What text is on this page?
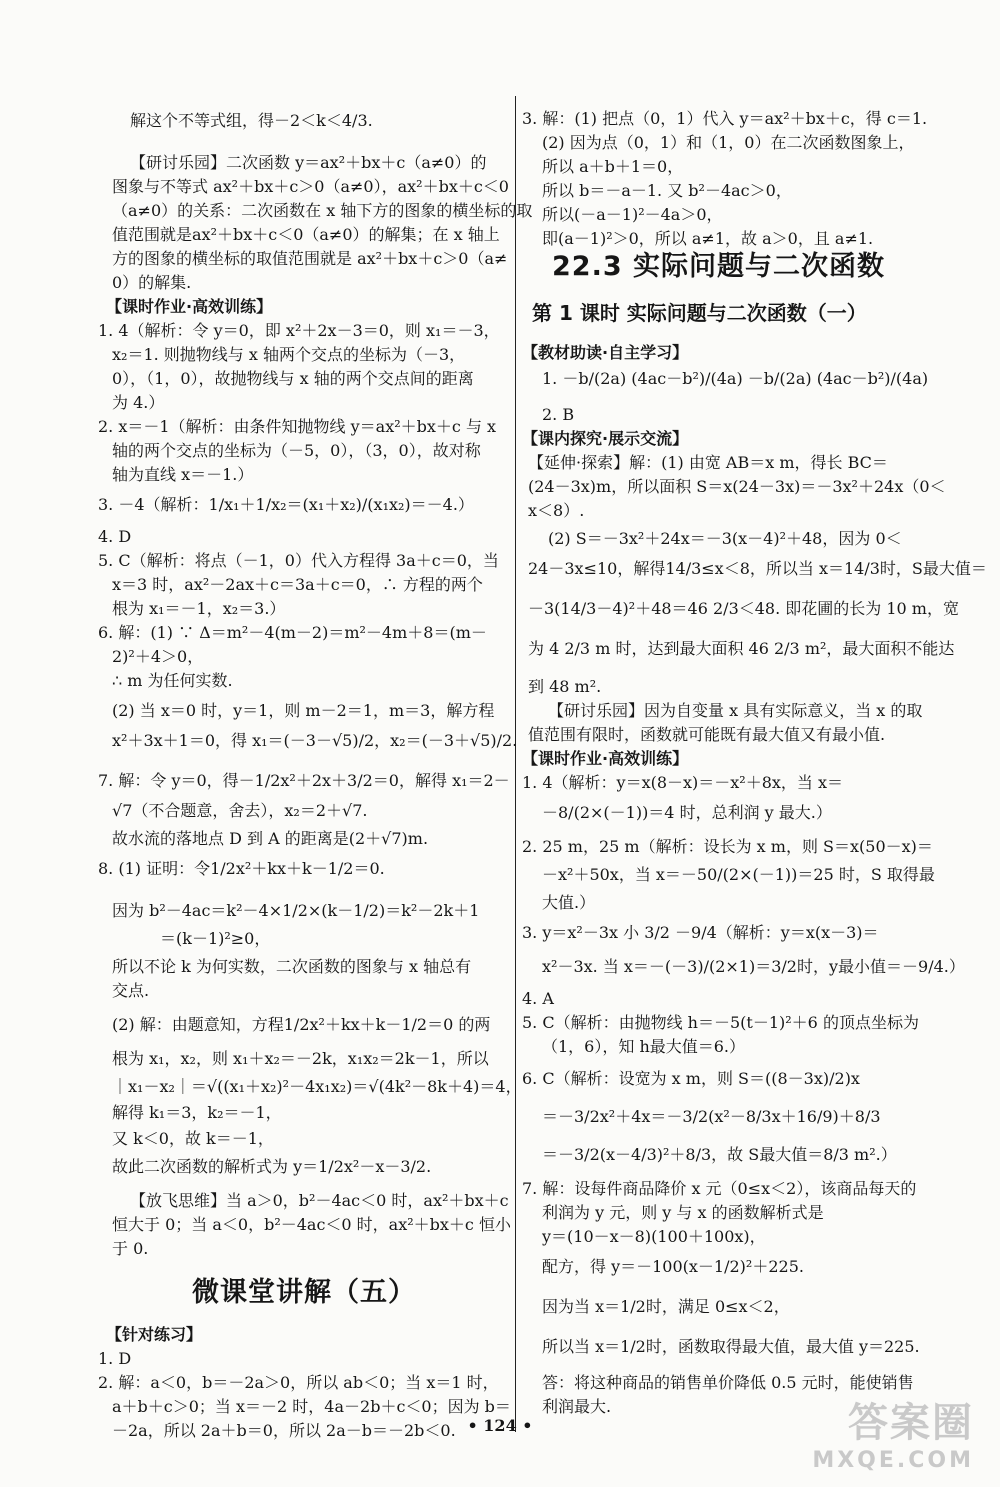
解这个不等式组，得－2＜k＜4/3.
【研讨乐园】二次函数 y＝ax²＋bx＋c（a≠0）的
图象与不等式 ax²＋bx＋c＞0（a≠0），ax²＋bx＋c＜0
（a≠0）的关系：二次函数在 x 轴下方的图象的横坐标的取
值范围就是ax²＋bx＋c＜0（a≠0）的解集；在 x 轴上
方的图象的横坐标的取值范围就是 ax²＋bx＋c＞0（a≠
0）的解集.
【课时作业·高效训练】
1. 4（解析：令 y＝0，即 x²＋2x－3＝0，则 x₁＝－3，
x₂＝1. 则抛物线与 x 轴两个交点的坐标为（－3，
0），（1，0），故抛物线与 x 轴的两个交点间的距离
为 4.）
2. x＝－1（解析：由条件知抛物线 y＝ax²＋bx＋c 与 x
轴的两个交点的坐标为（－5，0），（3，0），故对称
轴为直线 x＝－1.）
3. －4（解析：1/x₁＋1/x₂＝(x₁＋x₂)/(x₁x₂)＝－4.）
4. D
5. C（解析：将点（－1，0）代入方程得 3a＋c＝0，当
x＝3 时，ax²－2ax＋c＝3a＋c＝0，∴ 方程的两个
根为 x₁＝－1，x₂＝3.）
6. 解：(1) ∵ Δ＝m²－4(m－2)＝m²－4m＋8＝(m－
2)²＋4＞0，
∴ m 为任何实数.
(2) 当 x＝0 时，y＝1，则 m－2＝1，m＝3，解方程
x²＋3x＋1＝0，得 x₁＝(－3－√5)/2，x₂＝(－3＋√5)/2.
7. 解：令 y＝0，得－1/2x²＋2x＋3/2＝0，解得 x₁＝2－
√7（不合题意，舍去），x₂＝2＋√7.
故水流的落地点 D 到 A 的距离是(2＋√7)m.
8. (1) 证明：令1/2x²＋kx＋k－1/2＝0.
因为 b²－4ac＝k²－4×1/2×(k－1/2)＝k²－2k＋1
＝(k－1)²≥0，
所以不论 k 为何实数，二次函数的图象与 x 轴总有
交点.
(2) 解：由题意知，方程1/2x²＋kx＋k－1/2＝0 的两
根为 x₁，x₂，则 x₁＋x₂＝－2k，x₁x₂＝2k－1，所以
｜x₁－x₂｜＝√((x₁＋x₂)²－4x₁x₂)＝√(4k²－8k＋4)＝4，
解得 k₁＝3，k₂＝－1，
又 k＜0，故 k＝－1，
故此二次函数的解析式为 y＝1/2x²－x－3/2.
【放飞思维】当 a＞0，b²－4ac＜0 时，ax²＋bx＋c
恒大于 0；当 a＜0，b²－4ac＜0 时，ax²＋bx＋c 恒小
于 0.
微课堂讲解（五）
【针对练习】
1. D
2. 解：a＜0，b＝－2a＞0，所以 ab＜0；当 x＝1 时，
a＋b＋c＞0；当 x＝－2 时，4a－2b＋c＜0；因为 b＝
－2a，所以 2a＋b＝0，所以 2a－b＝－2b＜0.
3. 解：(1) 把点（0，1）代入 y＝ax²＋bx＋c，得 c＝1.
(2) 因为点（0，1）和（1，0）在二次函数图象上，
所以 a＋b＋1＝0，
所以 b＝－a－1. 又 b²－4ac＞0，
所以(－a－1)²－4a＞0，
即(a－1)²＞0，所以 a≠1，故 a＞0，且 a≠1.
22.3 实际问题与二次函数
第 1 课时 实际问题与二次函数（一）
【教材助读·自主学习】
1. －b/(2a) (4ac－b²)/(4a) －b/(2a) (4ac－b²)/(4a)
2. B
【课内探究·展示交流】
【延伸·探索】解：(1) 由宽 AB＝x m，得长 BC＝
(24－3x)m，所以面积 S＝x(24－3x)＝－3x²＋24x（0＜
x＜8）.
(2) S＝－3x²＋24x＝－3(x－4)²＋48，因为 0＜
24－3x≤10，解得14/3≤x＜8，所以当 x＝14/3时，S最大值＝
－3(14/3－4)²＋48＝46 2/3＜48. 即花圃的长为 10 m，宽
为 4 2/3 m 时，达到最大面积 46 2/3 m²，最大面积不能达
到 48 m².
【研讨乐园】因为自变量 x 具有实际意义，当 x 的取
值范围有限时，函数就可能既有最大值又有最小值.
【课时作业·高效训练】
1. 4（解析：y＝x(8－x)＝－x²＋8x，当 x＝
－8/(2×(－1))＝4 时，总利润 y 最大.）
2. 25 m，25 m（解析：设长为 x m，则 S＝x(50－x)＝
－x²＋50x，当 x＝－50/(2×(－1))＝25 时，S 取得最
大值.）
3. y＝x²－3x 小 3/2 －9/4（解析：y＝x(x－3)＝
x²－3x. 当 x＝－(－3)/(2×1)＝3/2时，y最小值＝－9/4.）
4. A
5. C（解析：由抛物线 h＝－5(t－1)²＋6 的顶点坐标为
（1，6），知 h最大值＝6.）
6. C（解析：设宽为 x m，则 S＝((8－3x)/2)x
＝－3/2x²＋4x＝－3/2(x²－8/3x＋16/9)＋8/3
＝－3/2(x－4/3)²＋8/3，故 S最大值＝8/3 m².）
7. 解：设每件商品降价 x 元（0≤x＜2），该商品每天的
利润为 y 元，则 y 与 x 的函数解析式是
y＝(10－x－8)(100＋100x)，
配方，得 y＝－100(x－1/2)²＋225.
因为当 x＝1/2时，满足 0≤x＜2，
所以当 x＝1/2时，函数取得最大值，最大值 y＝225.
答：将这种商品的销售单价降低 0.5 元时，能使销售
利润最大.
• 124 •	答案圈
MXQE.COM
